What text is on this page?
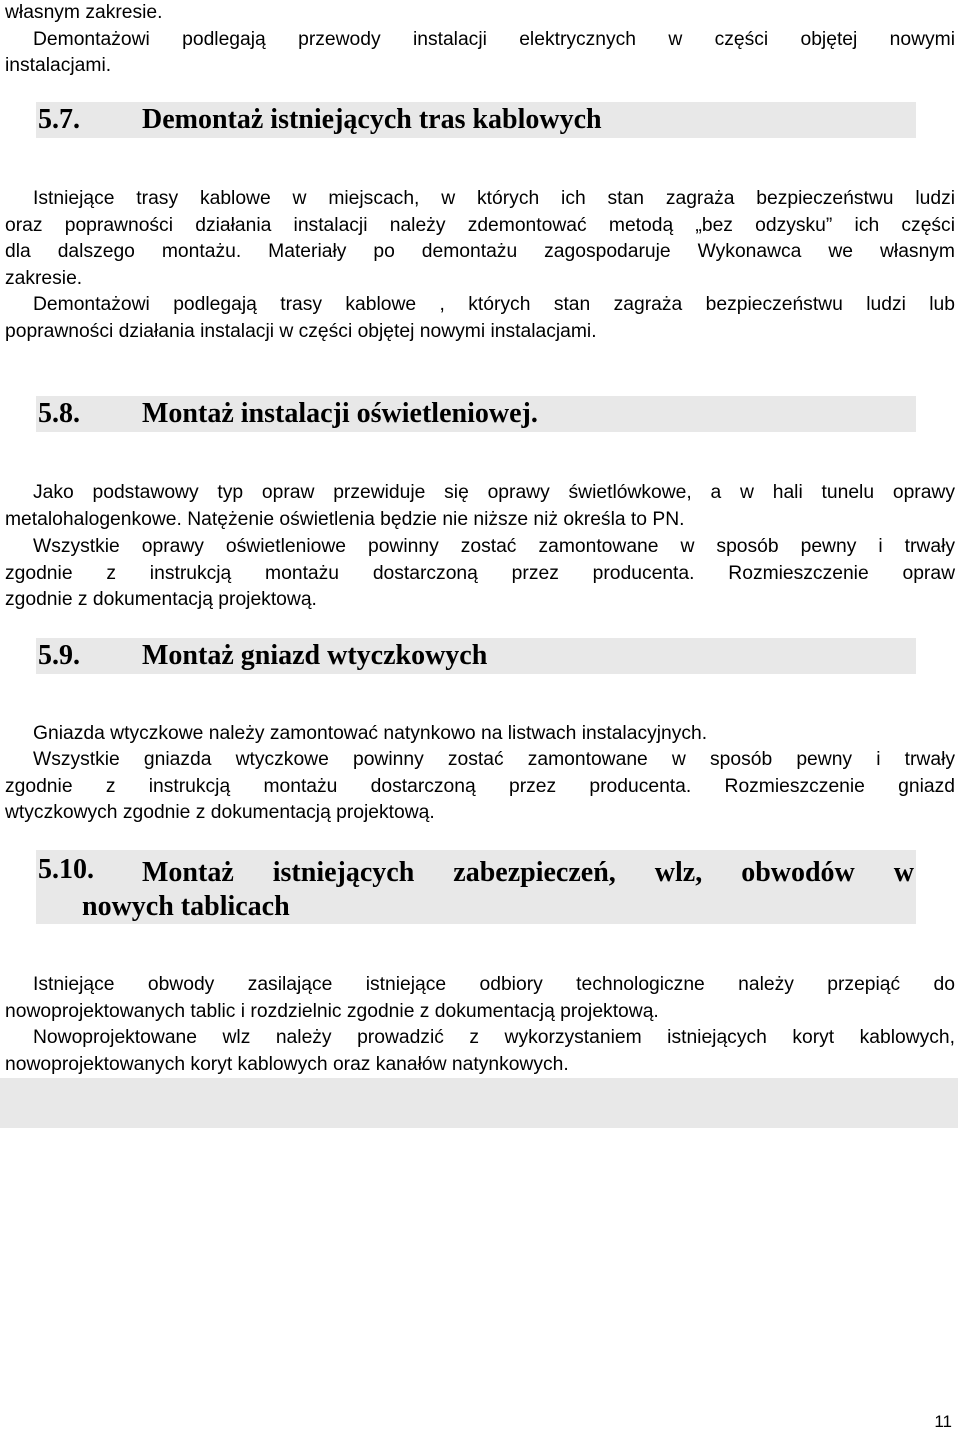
własnym zakresie.
Demontażowi podlegają przewody instalacji elektrycznych w części objętej nowymi
instalacjami.
5.7. Demontaż istniejących tras kablowych
Istniejące trasy kablowe w miejscach, w których ich stan zagraża bezpieczeństwu ludzi
oraz poprawności działania instalacji należy zdemontować metodą „bez odzysku” ich części
dla dalszego montażu. Materiały po demontażu zagospodaruje Wykonawca we własnym
zakresie.
Demontażowi podlegają trasy kablowe , których stan zagraża bezpieczeństwu ludzi lub
poprawności działania instalacji w części objętej nowymi instalacjami.
5.8. Montaż instalacji oświetleniowej.
Jako podstawowy typ opraw przewiduje się oprawy świetlówkowe, a w hali tunelu oprawy
metalohalogenkowe. Natężenie oświetlenia będzie nie niższe niż określa to PN.
Wszystkie oprawy oświetleniowe powinny zostać zamontowane w sposób pewny i trwały
zgodnie z instrukcją montażu dostarczoną przez producenta. Rozmieszczenie opraw
zgodnie z dokumentacją projektową.
5.9. Montaż gniazd wtyczkowych
Gniazda wtyczkowe należy zamontować natynkowo na listwach instalacyjnych.
Wszystkie gniazda wtyczkowe powinny zostać zamontowane w sposób pewny i trwały
zgodnie z instrukcją montażu dostarczoną przez producenta. Rozmieszczenie gniazd
wtyczkowych zgodnie z dokumentacją projektową.
5.10. Montaż istniejących zabezpieczeń, wlz, obwodów w
nowych tablicach
Istniejące obwody zasilające istniejące odbiory technologiczne należy przepiąć do
nowoprojektowanych tablic i rozdzielnic zgodnie z dokumentacją projektową.
Nowoprojektowane wlz należy prowadzić z wykorzystaniem istniejących koryt kablowych,
nowoprojektowanych koryt kablowych oraz kanałów natynkowych.
11
